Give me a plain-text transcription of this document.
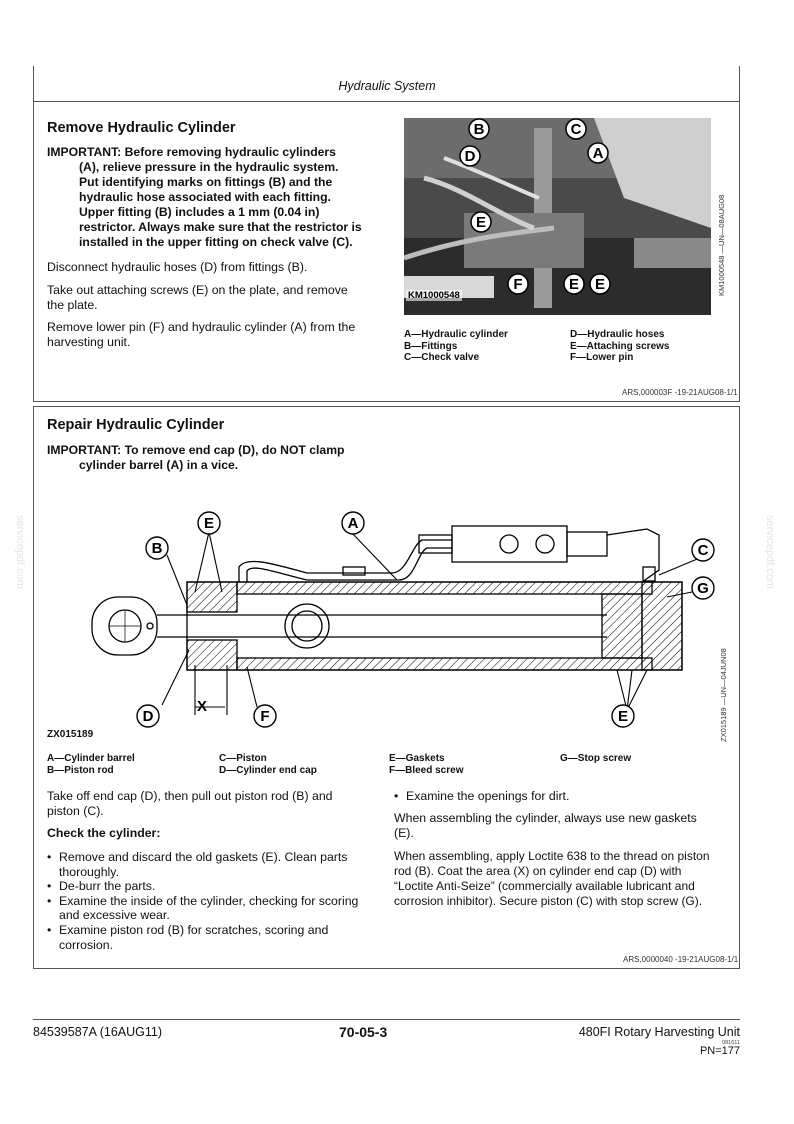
Hydraulic System
Remove Hydraulic Cylinder
IMPORTANT: Before removing hydraulic cylinders
(A), relieve pressure in the hydraulic system.
Put identifying marks on fittings (B) and the
hydraulic hose associated with each fitting.
Upper fitting (B) includes a 1 mm (0.04 in)
restrictor. Always make sure that the restrictor is
installed in the upper fitting on check valve (C).
Disconnect hydraulic hoses (D) from fittings (B).
Take out attaching screws (E) on the plate, and remove
the plate.
Remove lower pin (F) and hydraulic cylinder (A) from the
harvesting unit.
B	C
D	A
E
F	E E
KM1000548	KM1000548 —UN—08AUG08
A—Hydraulic cylinder
B—Fittings
C—Check valve
D—Hydraulic hoses
E—Attaching screws
F—Lower pin
ARS,000003F -19-21AUG08-1/1
Repair Hydraulic Cylinder
IMPORTANT: To remove end cap (D), do NOT clamp
cylinder barrel (A) in a vice.
E	A
B	C
G
D
X
F	E
ZX015189	ZX015189 —UN—04JUN08
A—Cylinder barrel
B—Piston rod
C—Piston
D—Cylinder end cap
E—Gaskets
F—Bleed screw
G—Stop screw
Take off end cap (D), then pull out piston rod (B) and
piston (C).
Check the cylinder:
• Remove and discard the old gaskets (E). Clean parts
thoroughly.
• De-burr the parts.
• Examine the inside of the cylinder, checking for scoring
and excessive wear.
• Examine piston rod (B) for scratches, scoring and
corrosion.
• Examine the openings for dirt.
When assembling the cylinder, always use new gaskets
(E).
When assembling, apply Loctite 638 to the thread on piston
rod (B). Coat the area (X) on cylinder end cap (D) with
“Loctite Anti-Seize” (commercially available lubricant and
corrosion inhibitor). Secure piston (C) with stop screw (G).
ARS,0000040 -19-21AUG08-1/1
servicepdf.com	servicepdf.com
84539587A (16AUG11)	70-05-3	480FI Rotary Harvesting Unit
081611
PN=177
